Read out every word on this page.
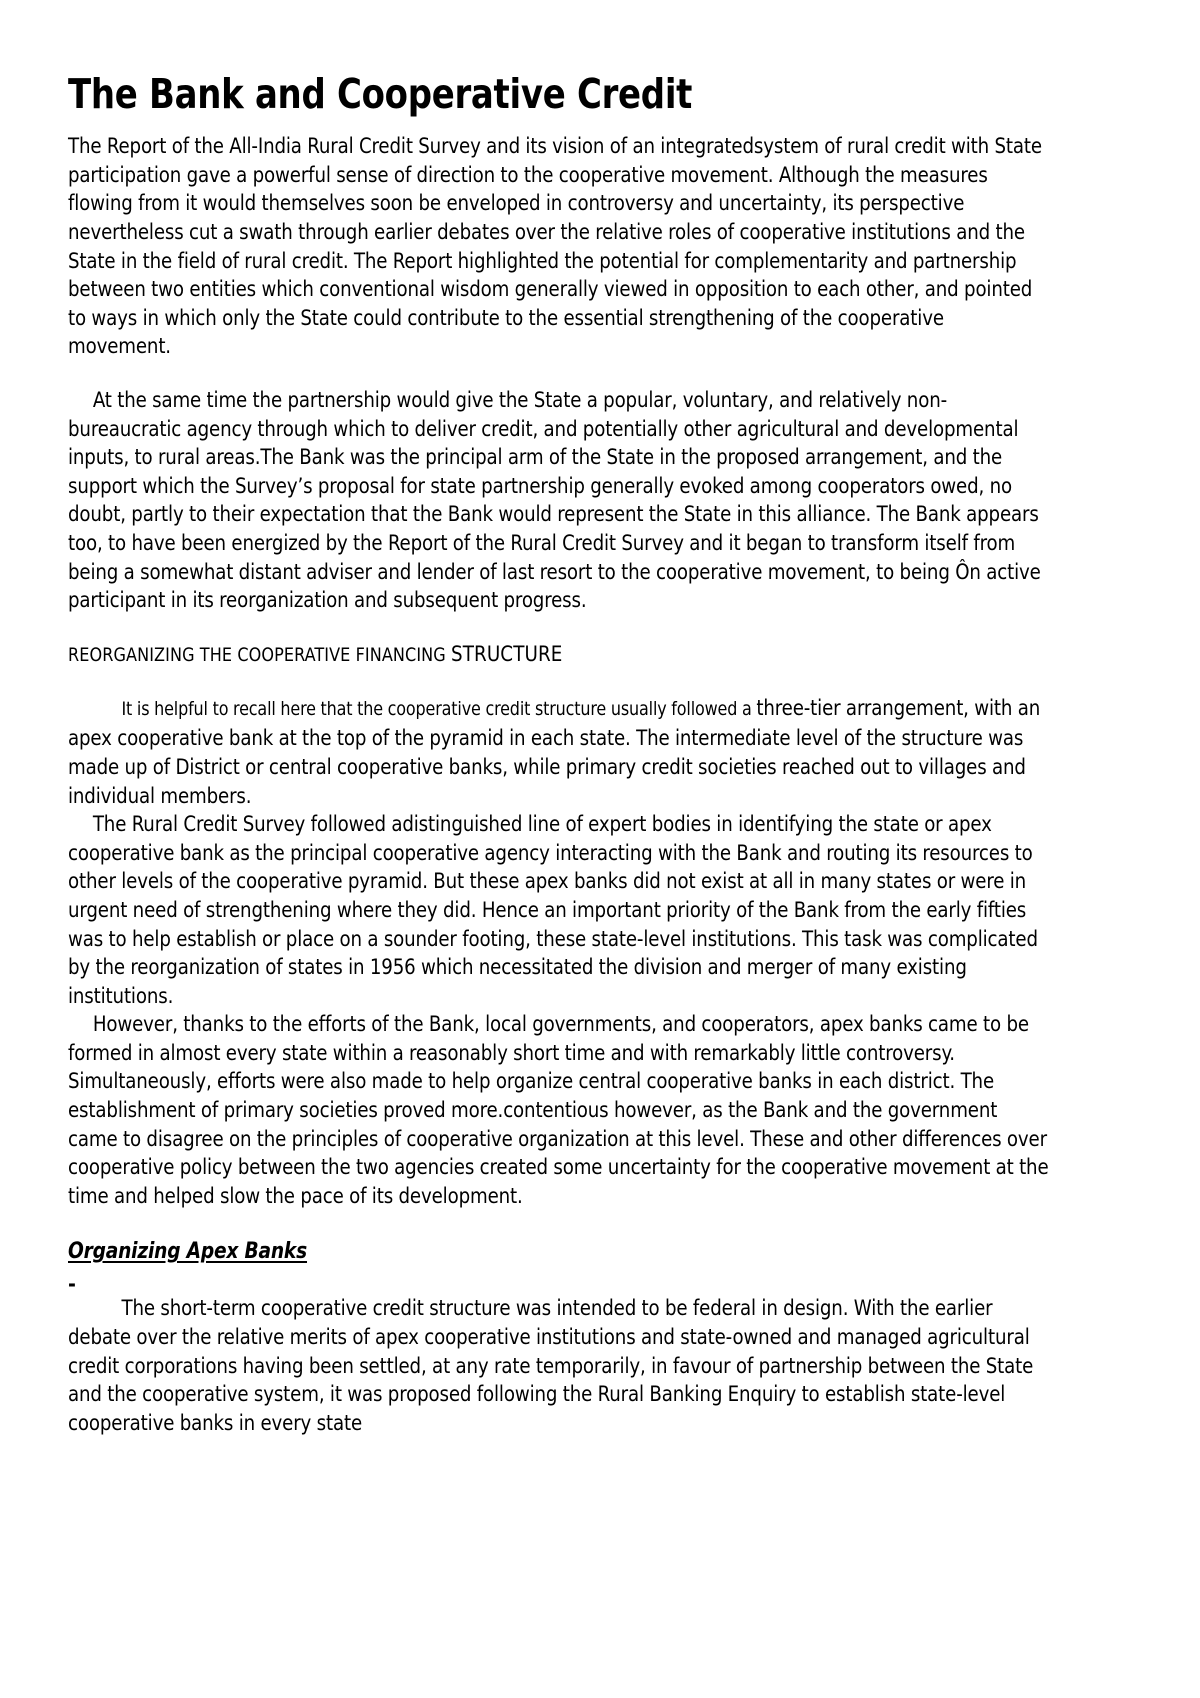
The Bank and Cooperative Credit

The Report of the All-India Rural Credit Survey and its vision of an integratedsystem of rural credit with State participation gave a powerful sense of direction to the cooperative movement. Although the measures flowing from it would themselves soon be enveloped in controversy and uncertainty, its perspective nevertheless cut a swath through earlier debates over the relative roles of cooperative institutions and the State in the field of rural credit. The Report highlighted the potential for complementarity and partnership between two entities which conventional wisdom generally viewed in opposition to each other, and pointed to ways in which only the State could contribute to the essential strengthening of the cooperative movement.

At the same time the partnership would give the State a popular, voluntary, and relatively non-bureaucratic agency through which to deliver credit, and potentially other agricultural and developmental inputs, to rural areas.The Bank was the principal arm of the State in the proposed arrangement, and the support which the Survey’s proposal for state partnership generally evoked among cooperators owed, no doubt, partly to their expectation that the Bank would represent the State in this alliance. The Bank appears too, to have been energized by the Report of the Rural Credit Survey and it began to transform itself from being a somewhat distant adviser and lender of last resort to the cooperative movement, to being Ôn active participant in its reorganization and subsequent progress.

REORGANIZING THE COOPERATIVE FINANCING STRUCTURE

It is helpful to recall here that the cooperative credit structure usually followed a three-tier arrangement, with an apex cooperative bank at the top of the pyramid in each state. The intermediate level of the structure was made up of District or central cooperative banks, while primary credit societies reached out to villages and individual members.

The Rural Credit Survey followed adistinguished line of expert bodies in identifying the state or apex cooperative bank as the principal cooperative agency interacting with the Bank and routing its resources to other levels of the cooperative pyramid. But these apex banks did not exist at all in many states or were in urgent need of strengthening where they did. Hence an important priority of the Bank from the early fifties was to help establish or place on a sounder footing, these state-level institutions. This task was complicated by the reorganization of states in 1956 which necessitated the division and merger of many existing institutions.

However, thanks to the efforts of the Bank, local governments, and cooperators, apex banks came to be formed in almost every state within a reasonably short time and with remarkably little controversy. Simultaneously, efforts were also made to help organize central cooperative banks in each district. The establishment of primary societies proved more.contentious however, as the Bank and the government came to disagree on the principles of cooperative organization at this level. These and other differences over cooperative policy between the two agencies created some uncertainty for the cooperative movement at the time and helped slow the pace of its development.

Organizing Apex Banks

-

The short-term cooperative credit structure was intended to be federal in design. With the earlier debate over the relative merits of apex cooperative institutions and state-owned and managed agricultural credit corporations having been settled, at any rate temporarily, in favour of partnership between the State and the cooperative system, it was proposed following the Rural Banking Enquiry to establish state-level cooperative banks in every state
